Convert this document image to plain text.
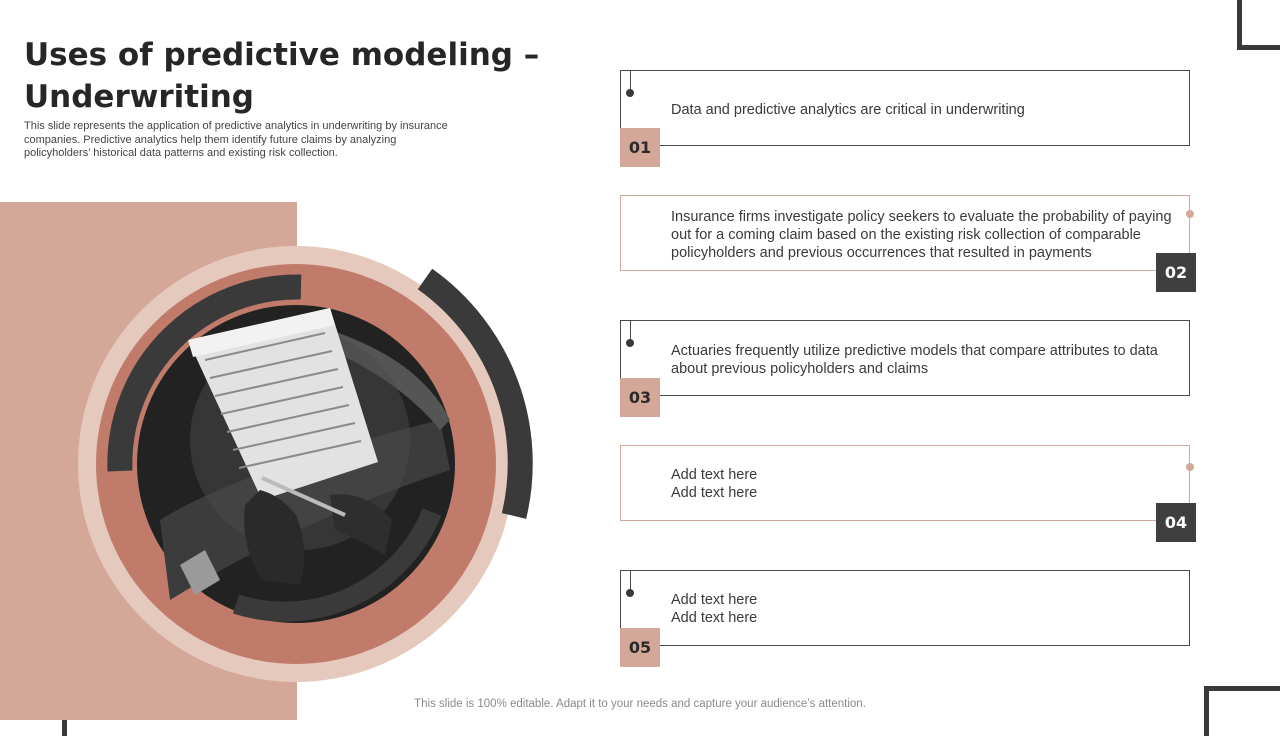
Uses of predictive modeling – Underwriting
This slide represents the application of predictive analytics in underwriting by insurance companies. Predictive analytics help them identify future claims by analyzing policyholders’ historical data patterns and existing risk collection.
Data and predictive analytics are critical in underwriting
01
Insurance firms investigate policy seekers to evaluate the probability of paying out for a coming claim based on the existing risk collection of comparable policyholders and previous occurrences that resulted in payments
02
Actuaries frequently utilize predictive models that compare attributes to data about previous policyholders and claims
03
Add text here
Add text here
04
Add text here
Add text here
05
This slide is 100% editable. Adapt it to your needs and capture your audience’s attention.
